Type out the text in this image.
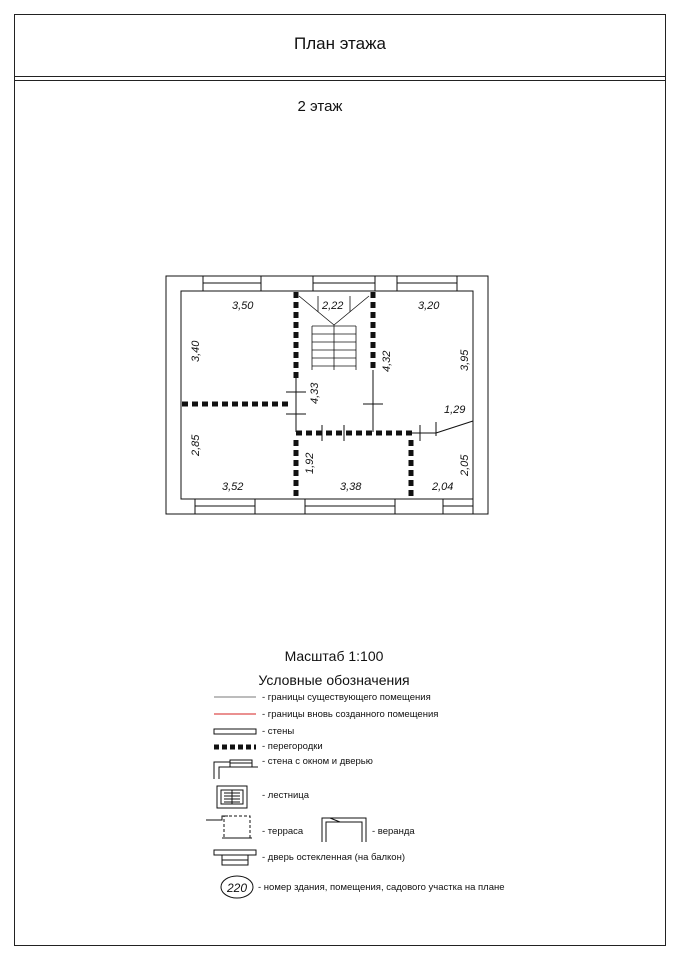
План этажа
2 этаж
3,50
3,40
2,22
4,33
4,32
3,20
3,95
1,29
2,85
3,52
1,92
3,38	2,04
2,05
220
Масштаб 1:100
Условные обозначения
- границы существующего помещения
- границы вновь созданного помещения
- стены
- перегородки
- стена с окном и дверью
- лестница
- терраса	- веранда
- дверь остекленная (на балкон)
- номер здания, помещения, садового участка на плане
